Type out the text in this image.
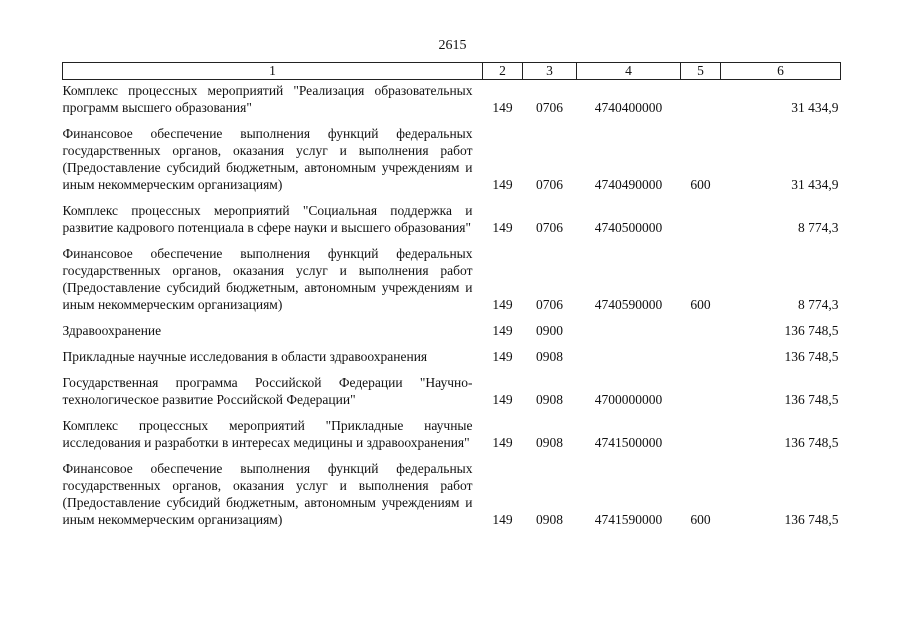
2615
1	2	3	4	5	6
Комплекс процессных мероприятий "Реализация образовательных программ высшего образования"	149	0706	4740400000		31 434,9
Финансовое обеспечение выполнения функций федеральных государственных органов, оказания услуг и выполнения работ (Предоставление субсидий бюджетным, автономным учреждениям и иным некоммерческим организациям)	149	0706	4740490000	600	31 434,9
Комплекс процессных мероприятий "Социальная поддержка и развитие кадрового потенциала в сфере науки и высшего образования"	149	0706	4740500000		8 774,3
Финансовое обеспечение выполнения функций федеральных государственных органов, оказания услуг и выполнения работ (Предоставление субсидий бюджетным, автономным учреждениям и иным некоммерческим организациям)	149	0706	4740590000	600	8 774,3
Здравоохранение	149	0900			136 748,5
Прикладные научные исследования в области здравоохранения	149	0908			136 748,5
Государственная программа Российской Федерации "Научно-технологическое развитие Российской Федерации"	149	0908	4700000000		136 748,5
Комплекс процессных мероприятий "Прикладные научные исследования и разработки в интересах медицины и здравоохранения"	149	0908	4741500000		136 748,5
Финансовое обеспечение выполнения функций федеральных государственных органов, оказания услуг и выполнения работ (Предоставление субсидий бюджетным, автономным учреждениям и иным некоммерческим организациям)	149	0908	4741590000	600	136 748,5
